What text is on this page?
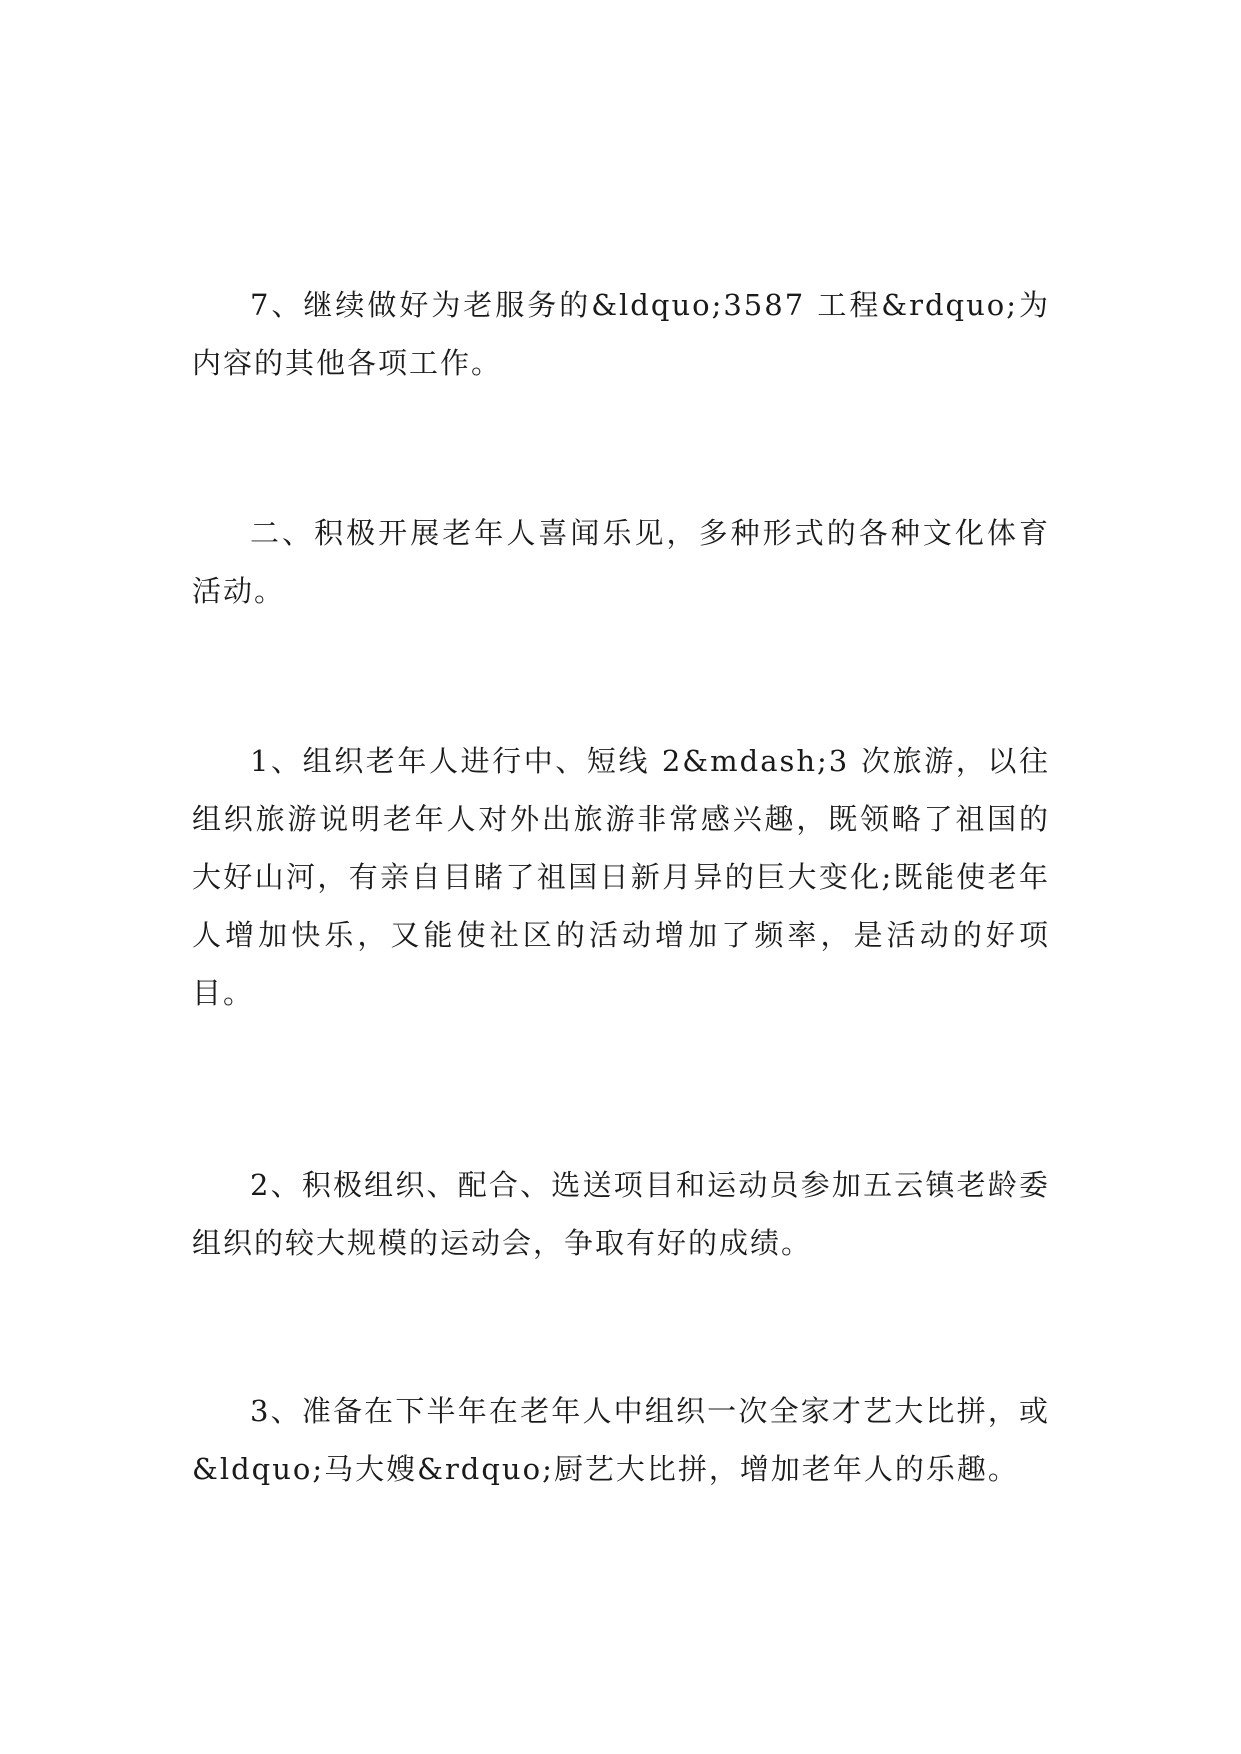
7、继续做好为老服务的&ldquo;3587 工程&rdquo;为内容的其他各项工作。

二、积极开展老年人喜闻乐见，多种形式的各种文化体育活动。

1、组织老年人进行中、短线 2&mdash;3 次旅游，以往组织旅游说明老年人对外出旅游非常感兴趣，既领略了祖国的大好山河，有亲自目睹了祖国日新月异的巨大变化;既能使老年人增加快乐，又能使社区的活动增加了频率，是活动的好项目。

2、积极组织、配合、选送项目和运动员参加五云镇老龄委组织的较大规模的运动会，争取有好的成绩。

3、准备在下半年在老年人中组织一次全家才艺大比拼，或&ldquo;马大嫂&rdquo;厨艺大比拼，增加老年人的乐趣。
